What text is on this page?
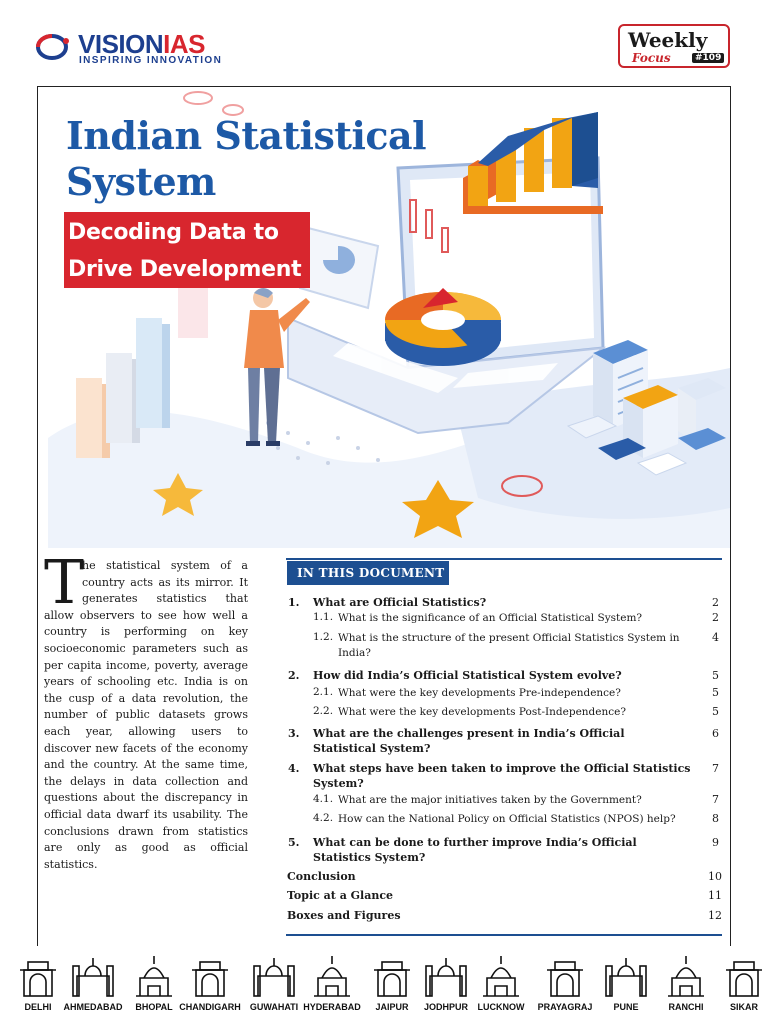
VISIONIAS
INSPIRING INNOVATION
Weekly
Focus	#109
Indian Statistical
System
Decoding Data to
Drive Development
T
he statistical system of a country acts as its mirror. It generates statistics that allow observers to see how well a country is performing on key socioeconomic parameters such as per capita income, poverty, average years of schooling etc. India is on the cusp of a data revolution, the number of public datasets grows each year, allowing users to discover new facets of the economy and the country. At the same time, the delays in data collection and questions about the discrepancy in official data dwarf its usability. The conclusions drawn from statistics are only as good as official statistics.
IN THIS DOCUMENT
1. What are Official Statistics?	2
1.1. What is the significance of an Official Statistical System?	2
1.2. What is the structure of the present Official Statistics System in India?
4
2. How did India’s Official Statistical System evolve?	5
2.1. What were the key developments Pre-independence?	5
2.2. What were the key developments Post-Independence?	5
3. What are the challenges present in India’s Official Statistical System?
6
4. What steps have been taken to improve the Official Statistics System?
7
4.1. What are the major initiatives taken by the Government?	7
4.2. How can the National Policy on Official Statistics (NPOS) help?	8
5. What can be done to further improve India’s Official Statistics System?
9
Conclusion	10
Topic at a Glance	11
Boxes and Figures	12
DELHI	AHMEDABAD	BHOPAL CHANDIGARH	GUWAHATI HYDERABAD	JAIPUR	JODHPUR	LUCKNOW	PRAYAGRAJ	PUNE	RANCHI	SIKAR
